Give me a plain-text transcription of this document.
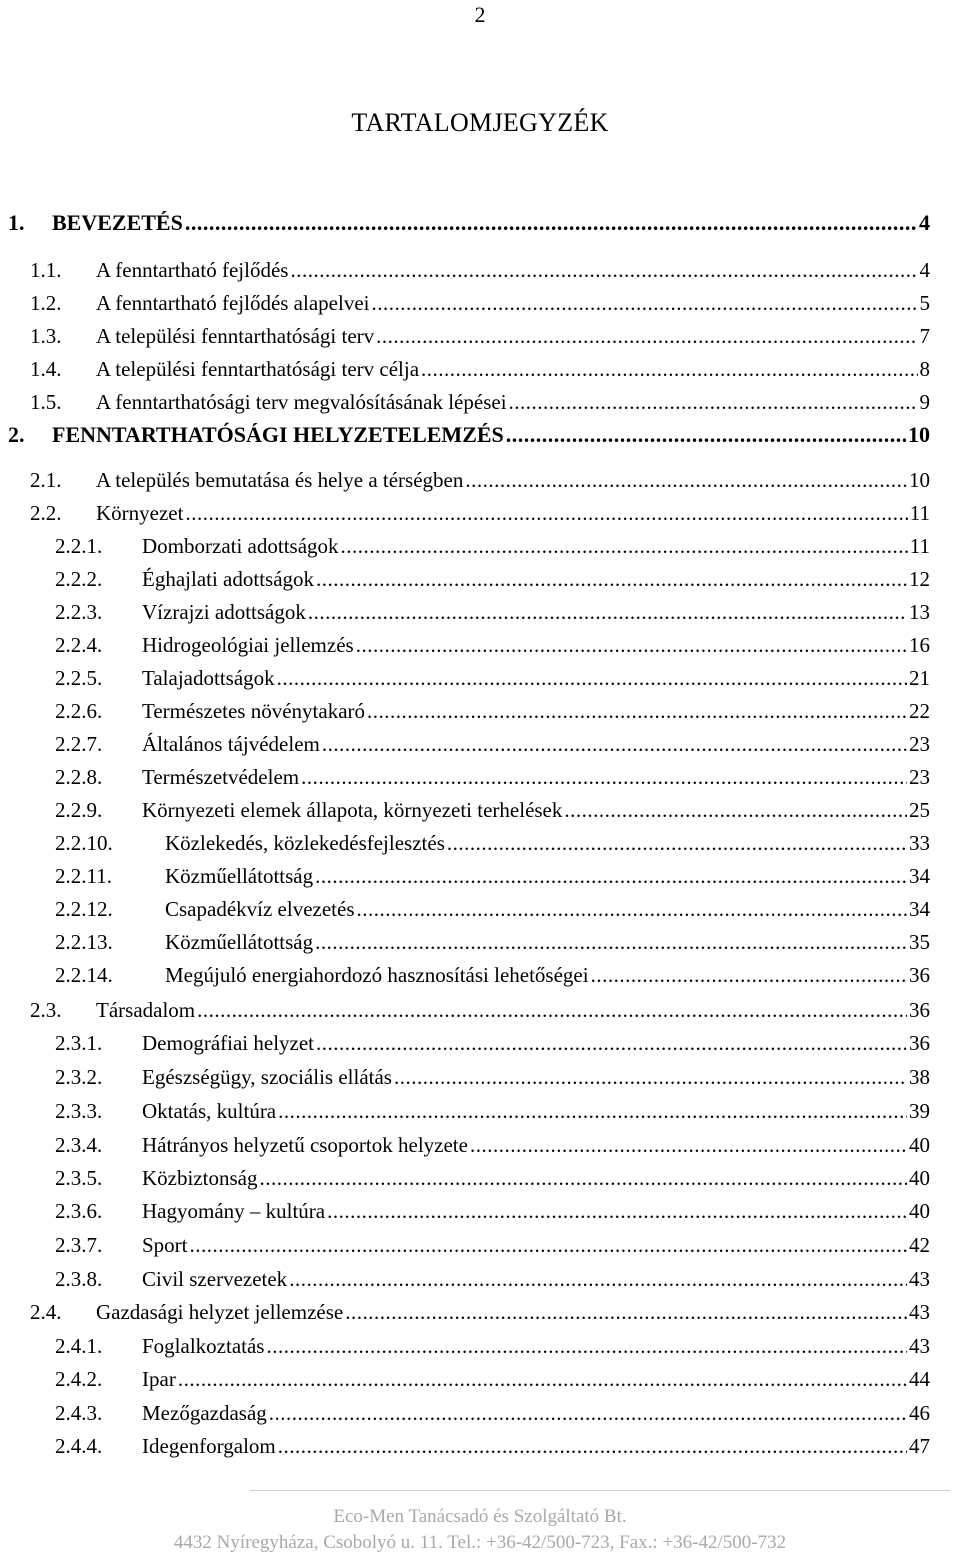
2
TARTALOMJEGYZÉK
1. BEVEZETÉS .....	4
1.1. A fenntartható fejlődés .....	4
1.2. A fenntartható fejlődés alapelvei .....	5
1.3. A települési fenntarthatósági terv .....	7
1.4. A települési fenntarthatósági terv célja .....	8
1.5. A fenntarthatósági terv megvalósításának lépései .....	9
2. FENNTARTHATÓSÁGI HELYZETELEMZÉS .....	10
2.1. A település bemutatása és helye a térségben .....	10
2.2. Környezet .....	11
2.2.1. Domborzati adottságok .....	11
2.2.2. Éghajlati adottságok .....	12
2.2.3. Vízrajzi adottságok .....	13
2.2.4. Hidrogeológiai jellemzés .....	16
2.2.5. Talajadottságok .....	21
2.2.6. Természetes növénytakaró .....	22
2.2.7. Általános tájvédelem .....	23
2.2.8. Természetvédelem .....	23
2.2.9. Környezeti elemek állapota, környezeti terhelések .....	25
2.2.10. Közlekedés, közlekedésfejlesztés .....	33
2.2.11.	Közműellátottság .....	34
2.2.12. Csapadékvíz elvezetés .....	34
2.2.13. Közműellátottság .....	35
2.2.14. Megújuló energiahordozó hasznosítási lehetőségei .....	36
2.3. Társadalom .....	36
2.3.1. Demográfiai helyzet .....	36
2.3.2. Egészségügy, szociális ellátás .....	38
2.3.3. Oktatás, kultúra .....	39
2.3.4. Hátrányos helyzetű csoportok helyzete .....	40
2.3.5. Közbiztonság .....	40
2.3.6. Hagyomány – kultúra .....	40
2.3.7. Sport .....	42
2.3.8. Civil szervezetek .....	43
2.4. Gazdasági helyzet jellemzése .....	43
2.4.1. Foglalkoztatás .....	43
2.4.2. Ipar .....	44
2.4.3. Mezőgazdaság .....	46
2.4.4. Idegenforgalom .....	47
Eco-Men Tanácsadó és Szolgáltató Bt.
4432 Nyíregyháza, Csobolyó u. 11. Tel.: +36-42/500-723, Fax.: +36-42/500-732
